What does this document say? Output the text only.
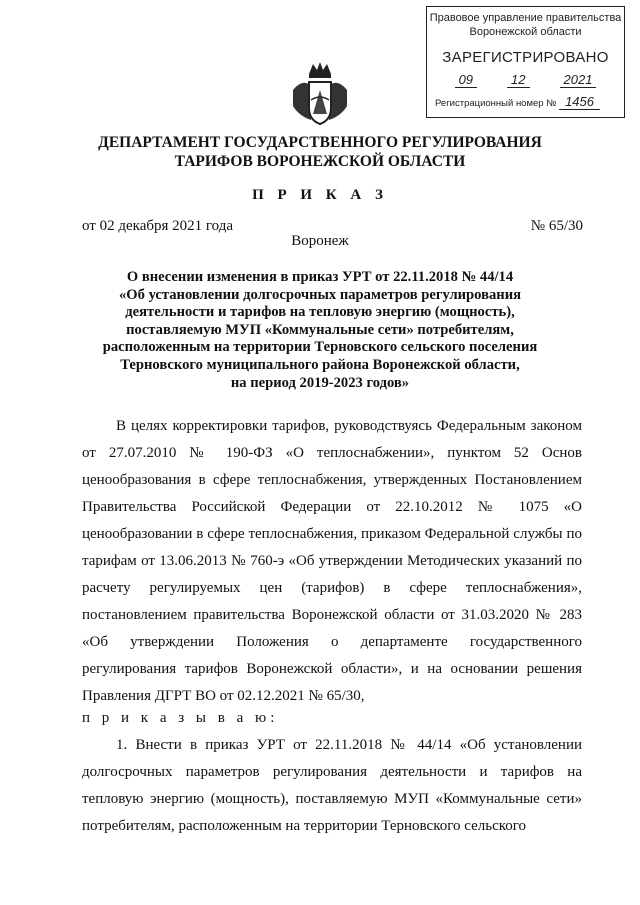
Правовое управление правительства
Воронежской области
ЗАРЕГИСТРИРОВАНО
09	12	2021
Регистрационный номер № 1456
ДЕПАРТАМЕНТ ГОСУДАРСТВЕННОГО РЕГУЛИРОВАНИЯ
ТАРИФОВ ВОРОНЕЖСКОЙ ОБЛАСТИ
П Р И К А З
от 02 декабря 2021 года	№ 65/30
Воронеж
О внесении изменения в приказ УРТ от 22.11.2018 № 44/14
«Об установлении долгосрочных параметров регулирования
деятельности и тарифов на тепловую энергию (мощность),
поставляемую МУП «Коммунальные сети» потребителям,
расположенным на территории Терновского сельского поселения
Терновского муниципального района Воронежской области,
на период 2019-2023 годов»

В целях корректировки тарифов, руководствуясь Федеральным законом от 27.07.2010 № 190-ФЗ «О теплоснабжении», пунктом 52 Основ ценообразования в сфере теплоснабжения, утвержденных Постановлением Правительства Российской Федерации от 22.10.2012 № 1075 «О ценообразовании в сфере теплоснабжения, приказом Федеральной службы по тарифам от 13.06.2013 № 760-э «Об утверждении Методических указаний по расчету регулируемых цен (тарифов) в сфере теплоснабжения», постановлением правительства Воронежской области от 31.03.2020 № 283 «Об утверждении Положения о департаменте государственного регулирования тарифов Воронежской области», и на основании решения Правления ДГРТ ВО от 02.12.2021 № 65/30,

п р и к а з ы в а ю:

1. Внести в приказ УРТ от 22.11.2018 № 44/14 «Об установлении долгосрочных параметров регулирования деятельности и тарифов на тепловую энергию (мощность), поставляемую МУП «Коммунальные сети» потребителям, расположенным на территории Терновского сельского
